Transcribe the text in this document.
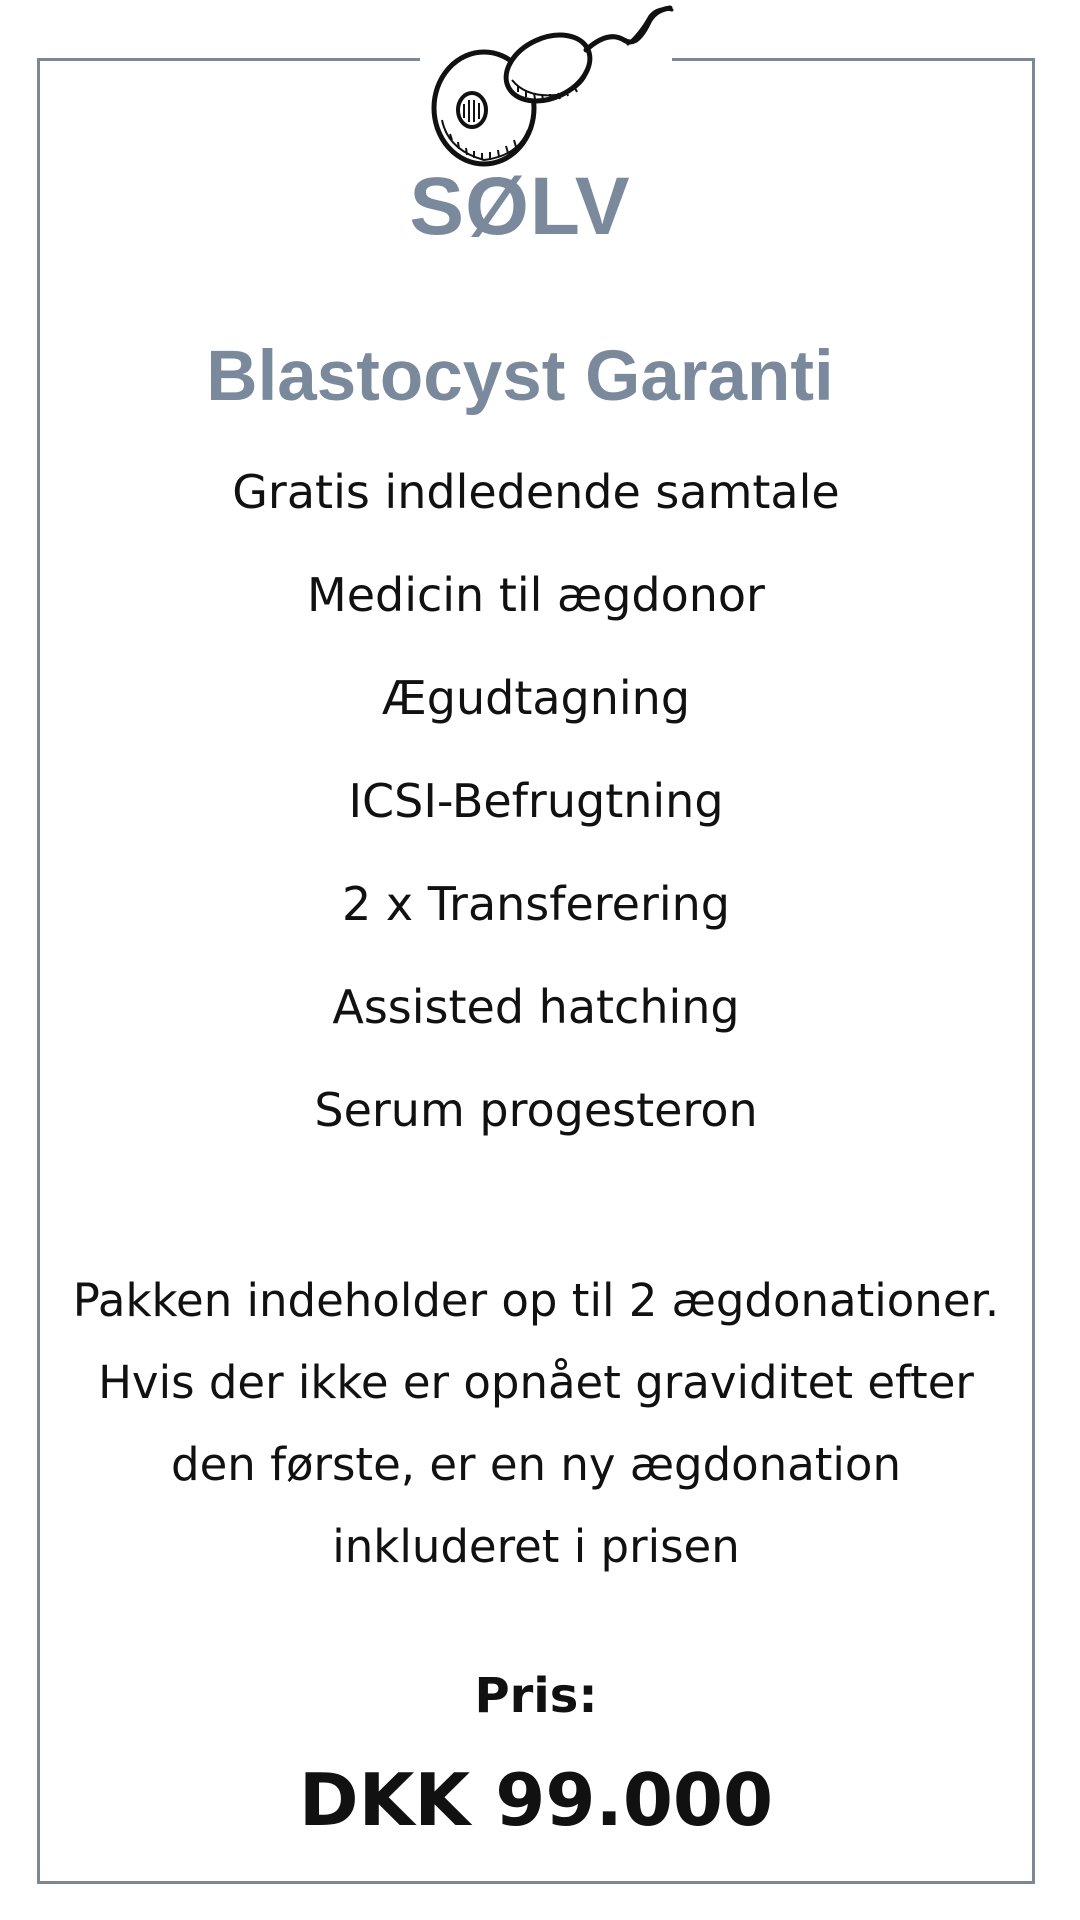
SØLV
Blastocyst Garanti
Gratis indledende samtale
Medicin til ægdonor
Ægudtagning
ICSI-Befrugtning
2 x Transferering
Assisted hatching
Serum progesteron
Pakken indeholder op til 2 ægdonationer.
Hvis der ikke er opnået graviditet efter
den første, er en ny ægdonation
inkluderet i prisen
Pris:
DKK 99.000
